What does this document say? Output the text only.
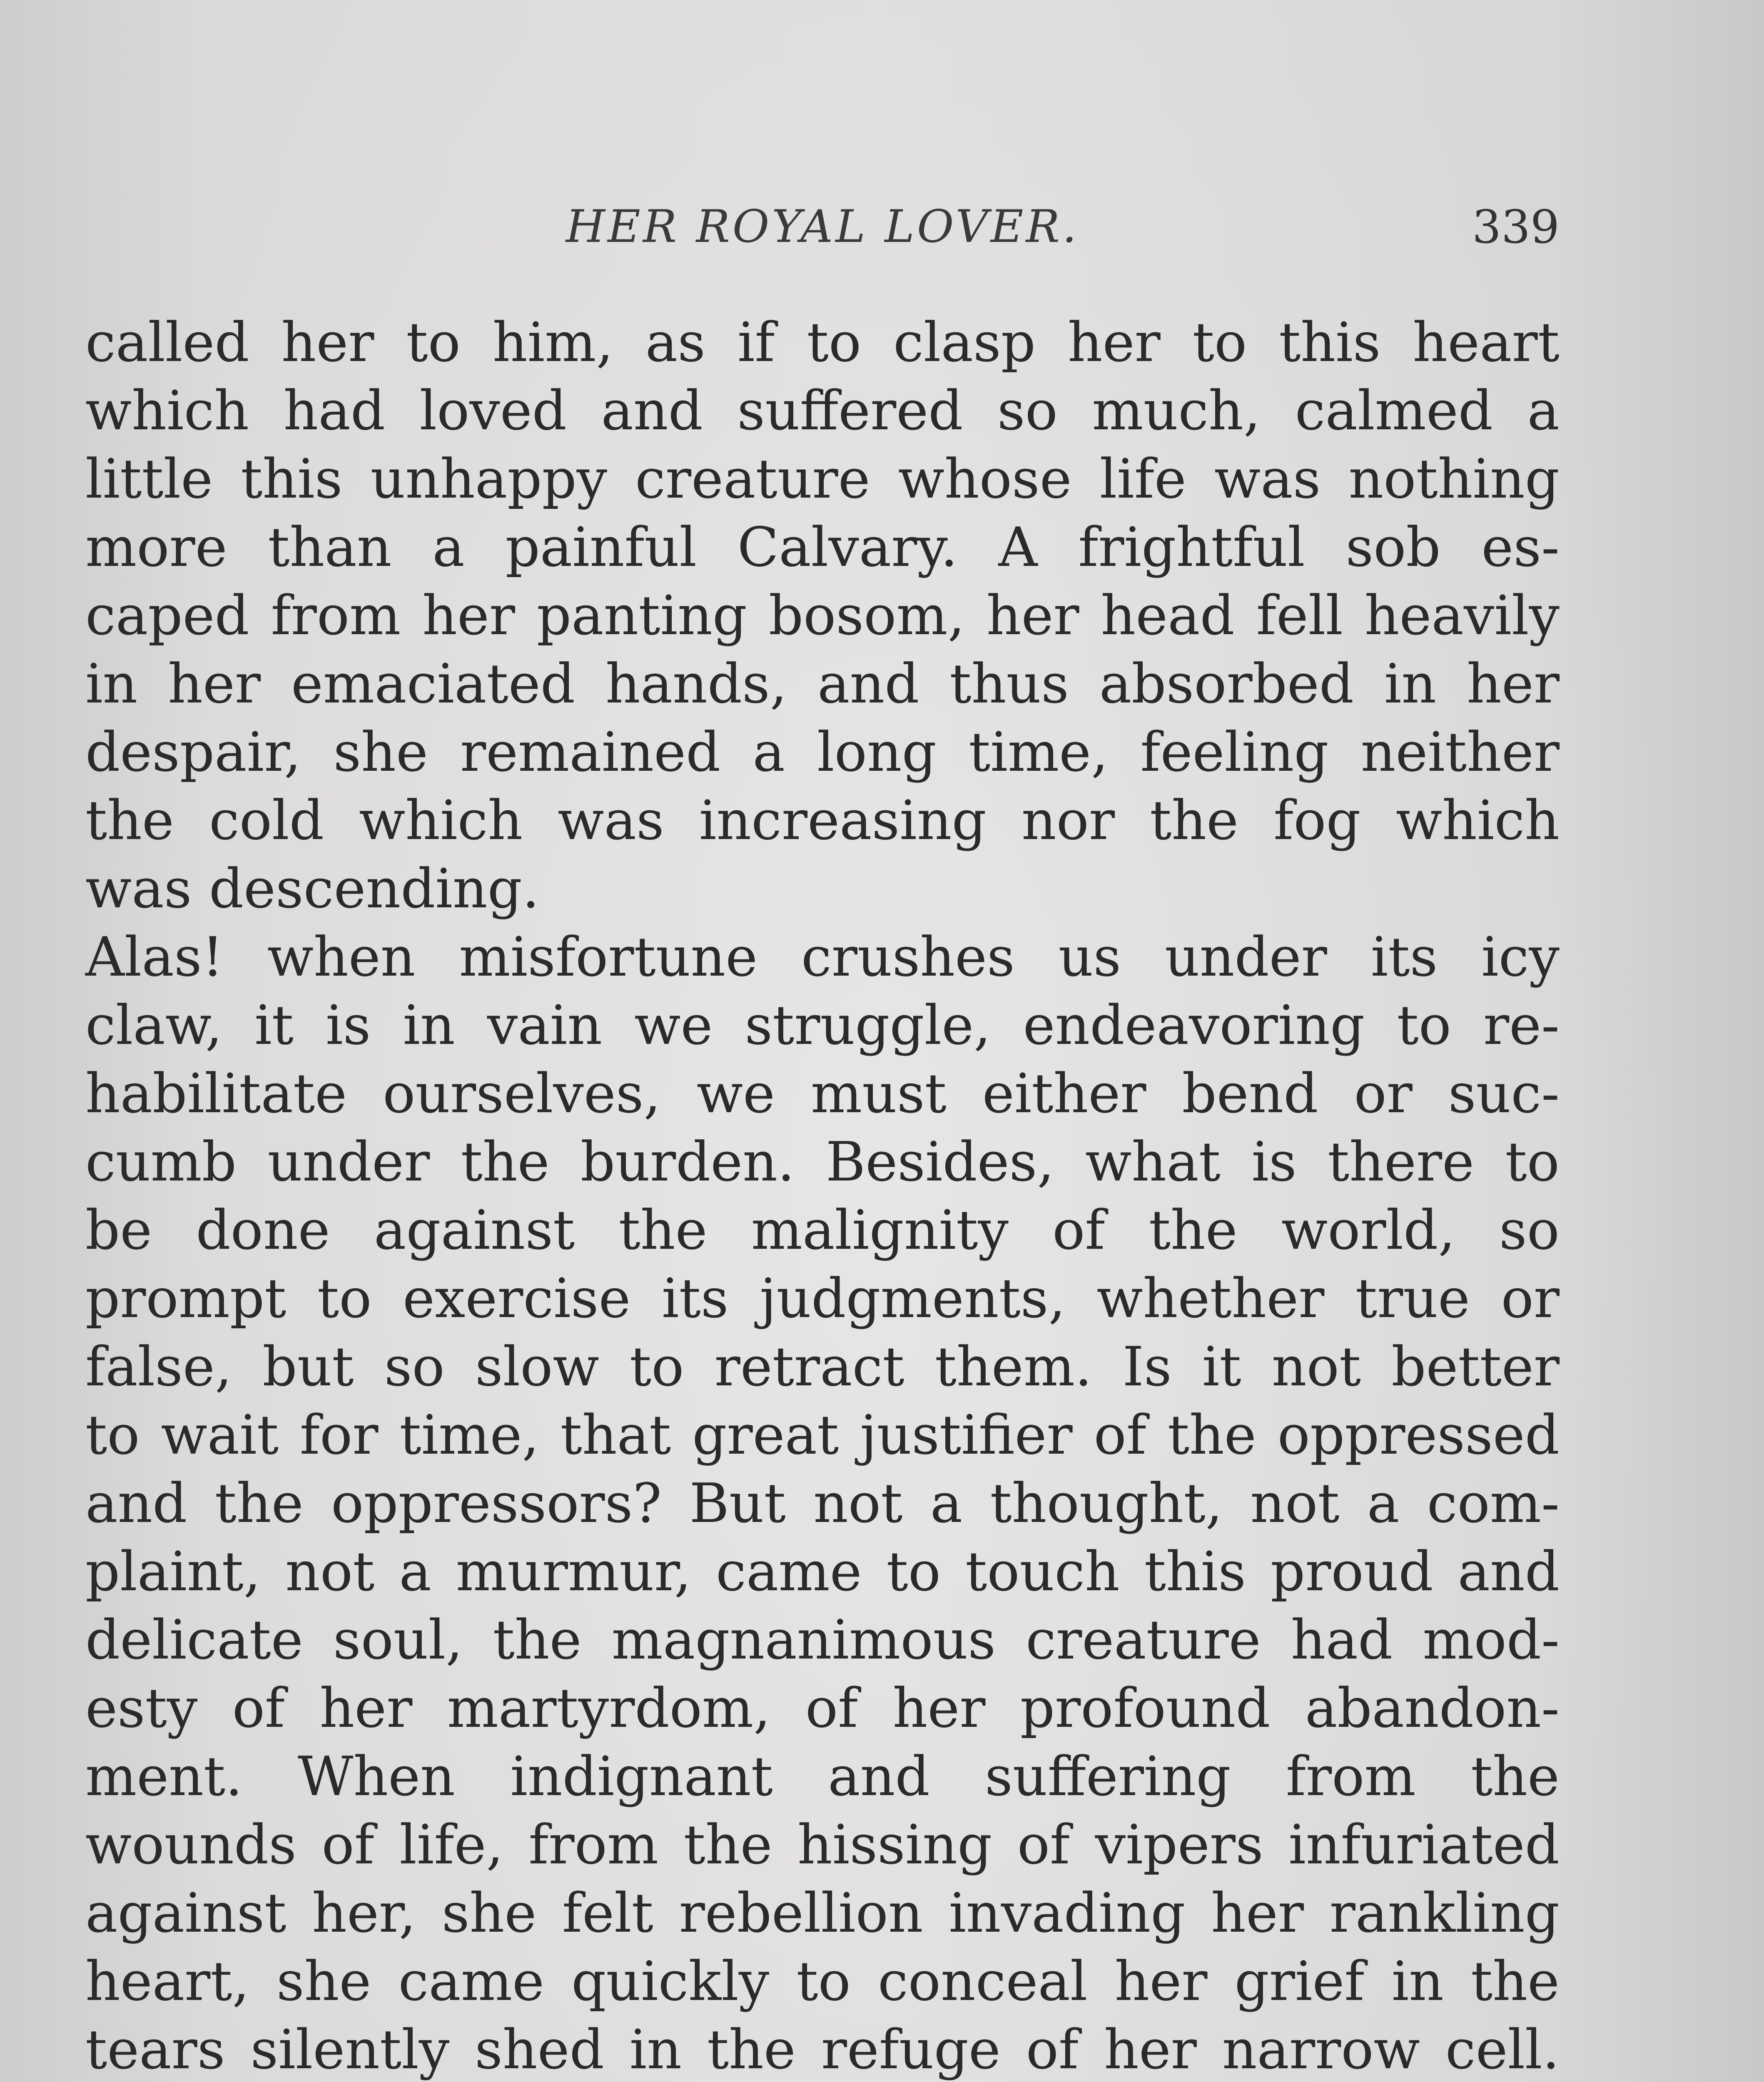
HER ROYAL LOVER.	339
called her to him, as if to clasp her to this heart
which had loved and suffered so much, calmed a
little this unhappy creature whose life was nothing
more than a painful Calvary. A frightful sob es-
caped from her panting bosom, her head fell heavily
in her emaciated hands, and thus absorbed in her
despair, she remained a long time, feeling neither
the cold which was increasing nor the fog which
was descending.
Alas! when misfortune crushes us under its icy
claw, it is in vain we struggle, endeavoring to re-
habilitate ourselves, we must either bend or suc-
cumb under the burden. Besides, what is there to
be done against the malignity of the world, so
prompt to exercise its judgments, whether true or
false, but so slow to retract them. Is it not better
to wait for time, that great justifier of the oppressed
and the oppressors? But not a thought, not a com-
plaint, not a murmur, came to touch this proud and
delicate soul, the magnanimous creature had mod-
esty of her martyrdom, of her profound abandon-
ment. When indignant and suffering from the
wounds of life, from the hissing of vipers infuriated
against her, she felt rebellion invading her rankling
heart, she came quickly to conceal her grief in the
tears silently shed in the refuge of her narrow cell.
